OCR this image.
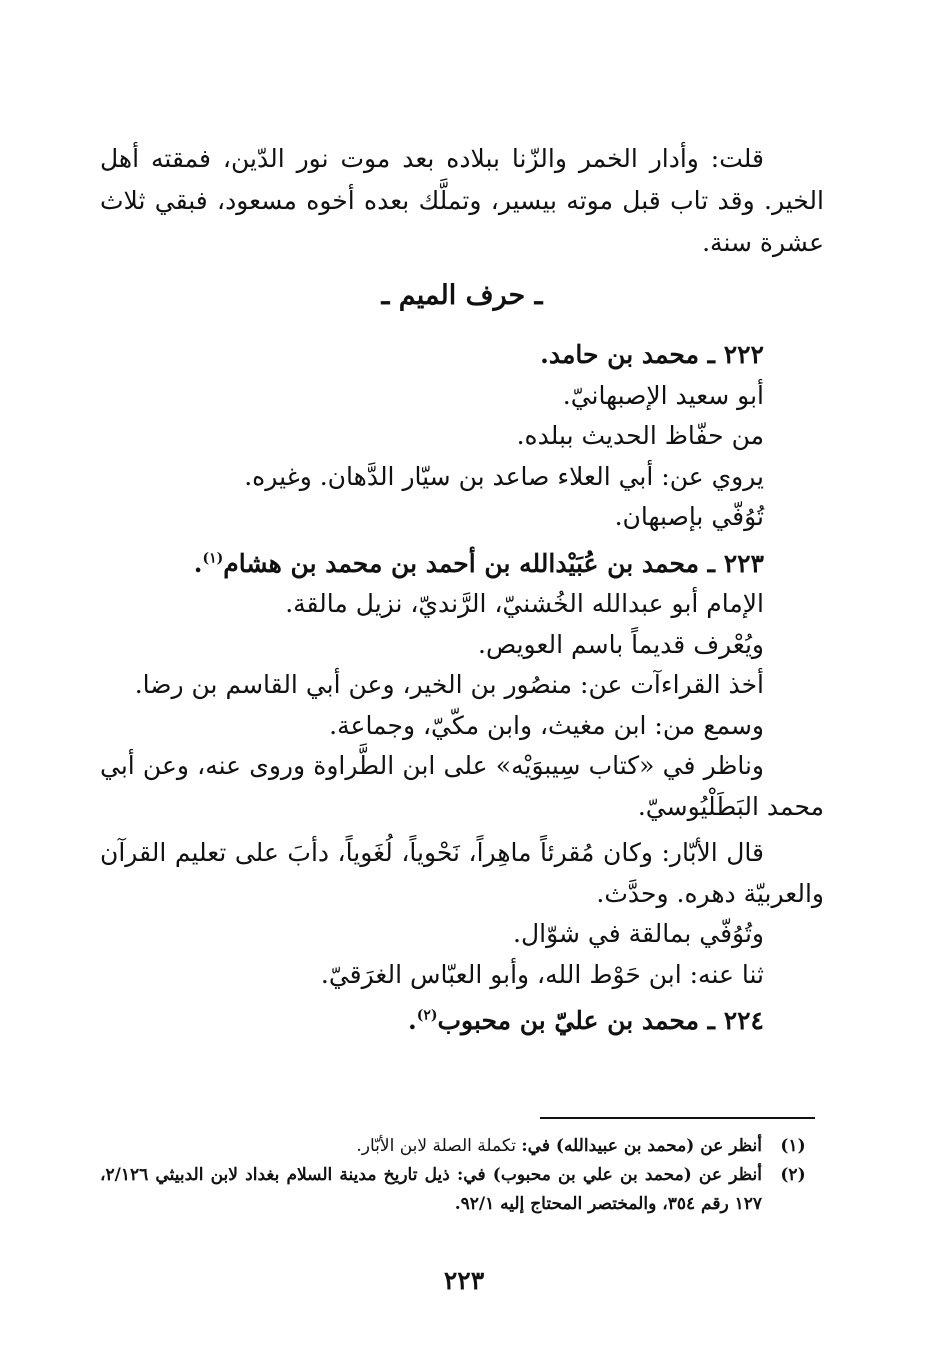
قلت: وأدار الخمر والزّنا ببلاده بعد موت نور الدّين، فمقته أهل الخير. وقد تاب قبل موته بيسير، وتملَّك بعده أخوه مسعود، فبقي ثلاث عشرة سنة.
ـ حرف الميم ـ
٢٢٢ ـ محمد بن حامد.
أبو سعيد الإصبهانيّ.
من حفّاظ الحديث ببلده.
يروي عن: أبي العلاء صاعد بن سيّار الدَّهان. وغيره.
تُوُفّي بإصبهان.
٢٢٣ ـ محمد بن عُبَيْدالله بن أحمد بن محمد بن هشام$^{(١)}$.
الإمام أبو عبدالله الخُشنيّ، الرَّنديّ، نزيل مالقة.
ويُعْرف قديماً باسم العويص.
أخذ القراءآت عن: منصُور بن الخير، وعن أبي القاسم بن رضا.
وسمع من: ابن مغيث، وابن مكّيّ، وجماعة.
وناظر في «كتاب سِيبوَيْه» على ابن الطَّراوة وروى عنه، وعن أبي محمد البَطَلْيُوسيّ.
قال الأبّار: وكان مُقرئاً ماهِراً، نَحْوياً، لُغَوياً، دأبَ على تعليم القرآن والعربيّة دهره. وحدَّث.
وتُوُفّي بمالقة في شوّال.
ثنا عنه: ابن حَوْط الله، وأبو العبّاس الغرَقيّ.
٢٢٤ ـ محمد بن عليّ بن محبوب$^{(٢)}$.
(١)
أنظر عن (محمد بن عبيدالله) في: تكملة الصلة لابن الأبّار.
(٢)
أنظر عن (محمد بن علي بن محبوب) في: ذيل تاريخ مدينة السلام بغداد لابن الدبيثي ٢/١٢٦، ١٢٧ رقم ٣٥٤، والمختصر المحتاج إليه ٩٢/١.
٢٢٣
